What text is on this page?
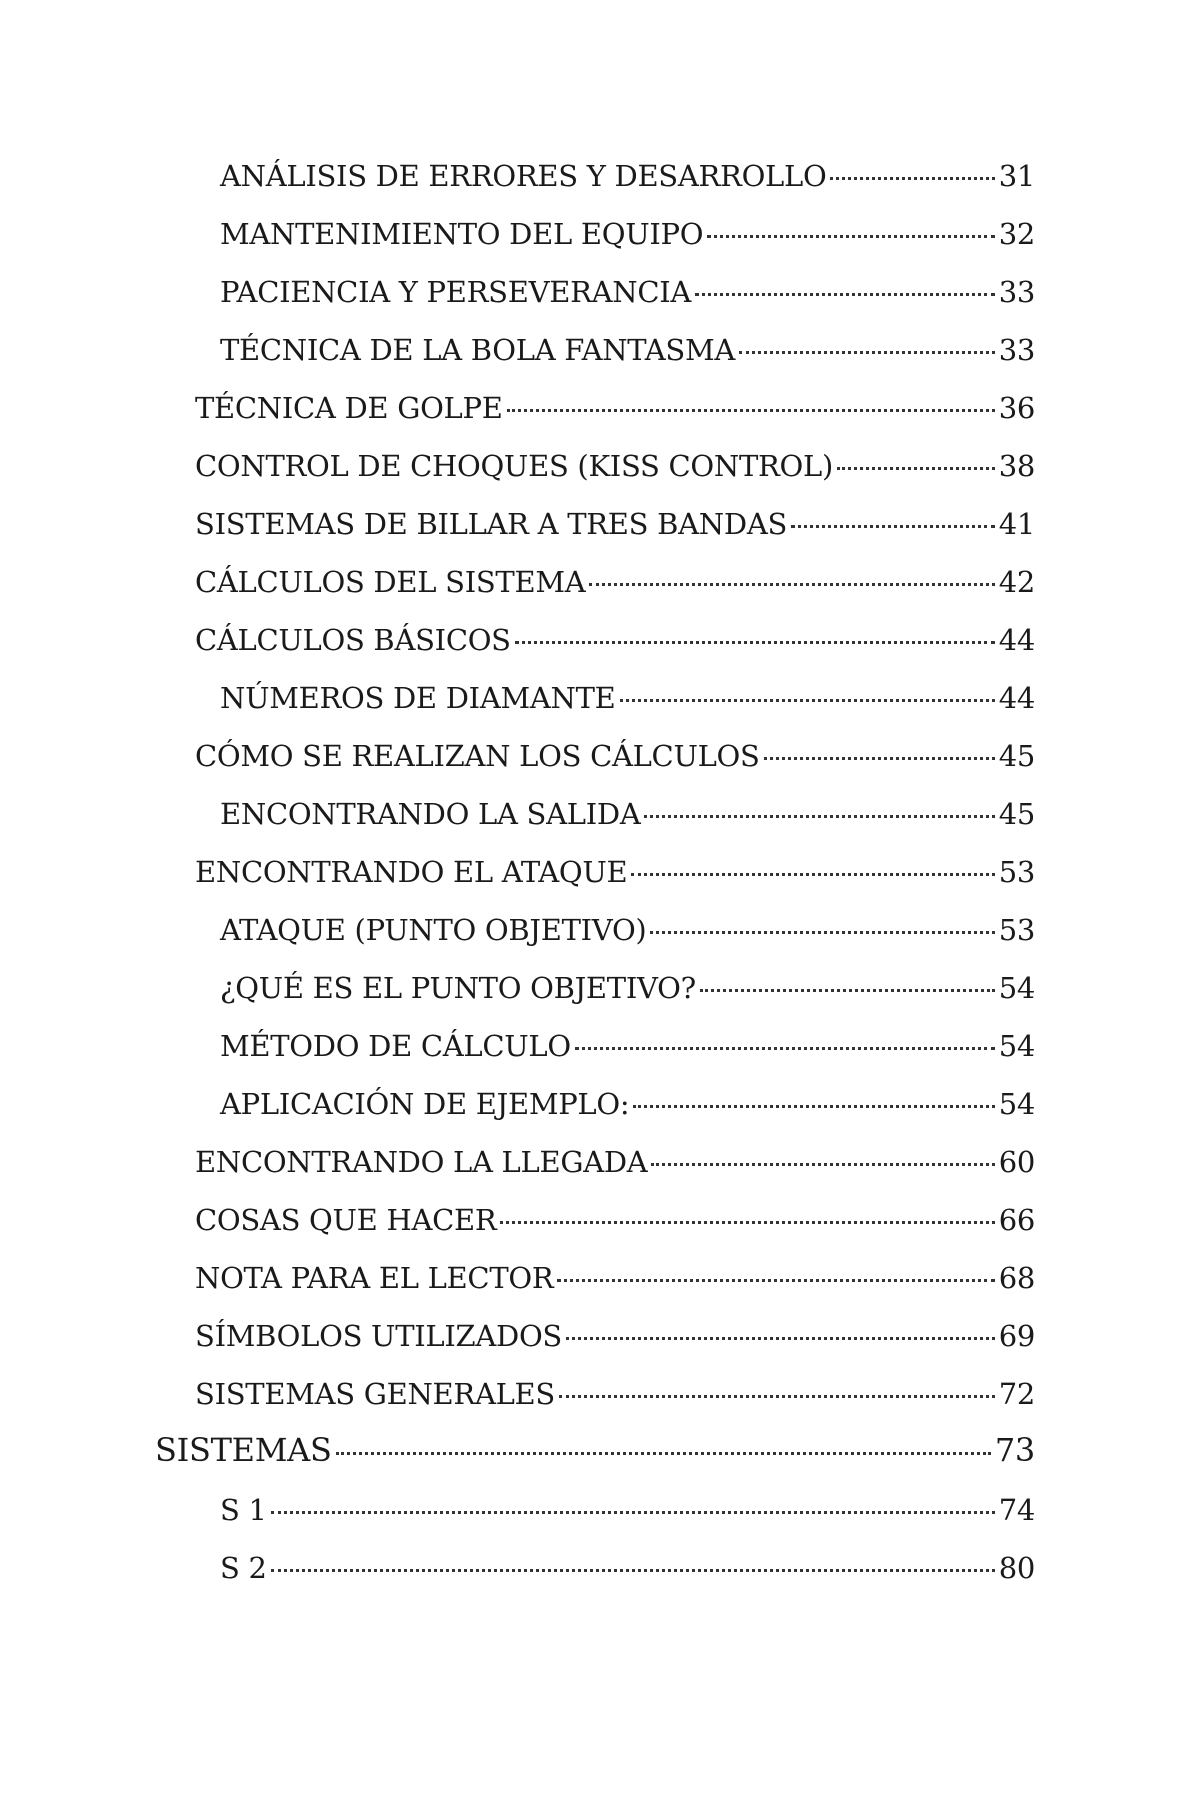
ANÁLISIS DE ERRORES Y DESARROLLO	31
MANTENIMIENTO DEL EQUIPO	32
PACIENCIA Y PERSEVERANCIA	33
TÉCNICA DE LA BOLA FANTASMA	33
TÉCNICA DE GOLPE	36
CONTROL DE CHOQUES (KISS CONTROL)	38
SISTEMAS DE BILLAR A TRES BANDAS	41
CÁLCULOS DEL SISTEMA	42
CÁLCULOS BÁSICOS	44
NÚMEROS DE DIAMANTE	44
CÓMO SE REALIZAN LOS CÁLCULOS	45
ENCONTRANDO LA SALIDA	45
ENCONTRANDO EL ATAQUE	53
ATAQUE (PUNTO OBJETIVO)	53
¿QUÉ ES EL PUNTO OBJETIVO?	54
MÉTODO DE CÁLCULO	54
APLICACIÓN DE EJEMPLO:	54
ENCONTRANDO LA LLEGADA	60
COSAS QUE HACER	66
NOTA PARA EL LECTOR	68
SÍMBOLOS UTILIZADOS	69
SISTEMAS GENERALES	72
SISTEMAS	73
S 1	74
S 2	80
